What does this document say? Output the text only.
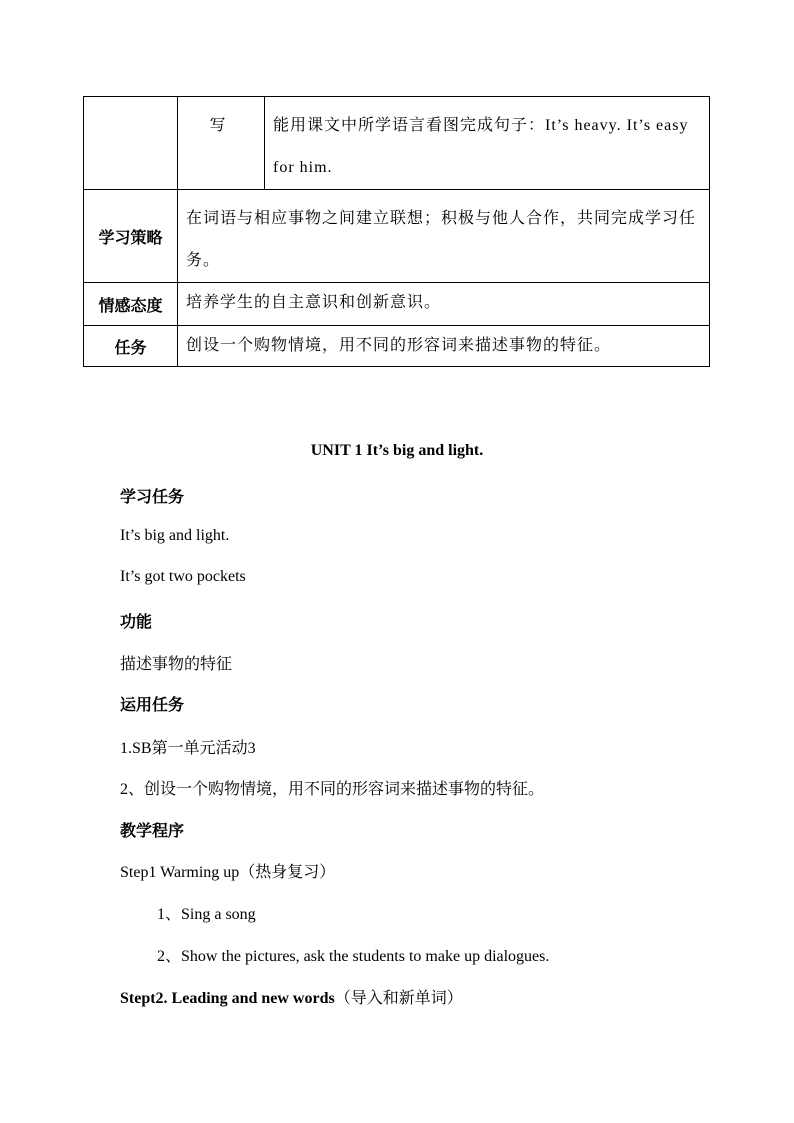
	写	能用课文中所学语言看图完成句子：It’s heavy. It’s easy for him.

学习策略	在词语与相应事物之间建立联想；积极与他人合作，共同完成学习任务。	

情感态度	培养学生的自主意识和创新意识。	

任务	创设一个购物情境，用不同的形容词来描述事物的特征。	
UNIT 1 It’s big and light.
学习任务
It’s big and light.
It’s got two pockets
功能
描述事物的特征
运用任务
1.SB第一单元活动3
2、创设一个购物情境，用不同的形容词来描述事物的特征。
教学程序
Step1 Warming up（热身复习）
1、Sing a song
2、Show the pictures, ask the students to make up dialogues.
Stept2. Leading and new words（导入和新单词）
